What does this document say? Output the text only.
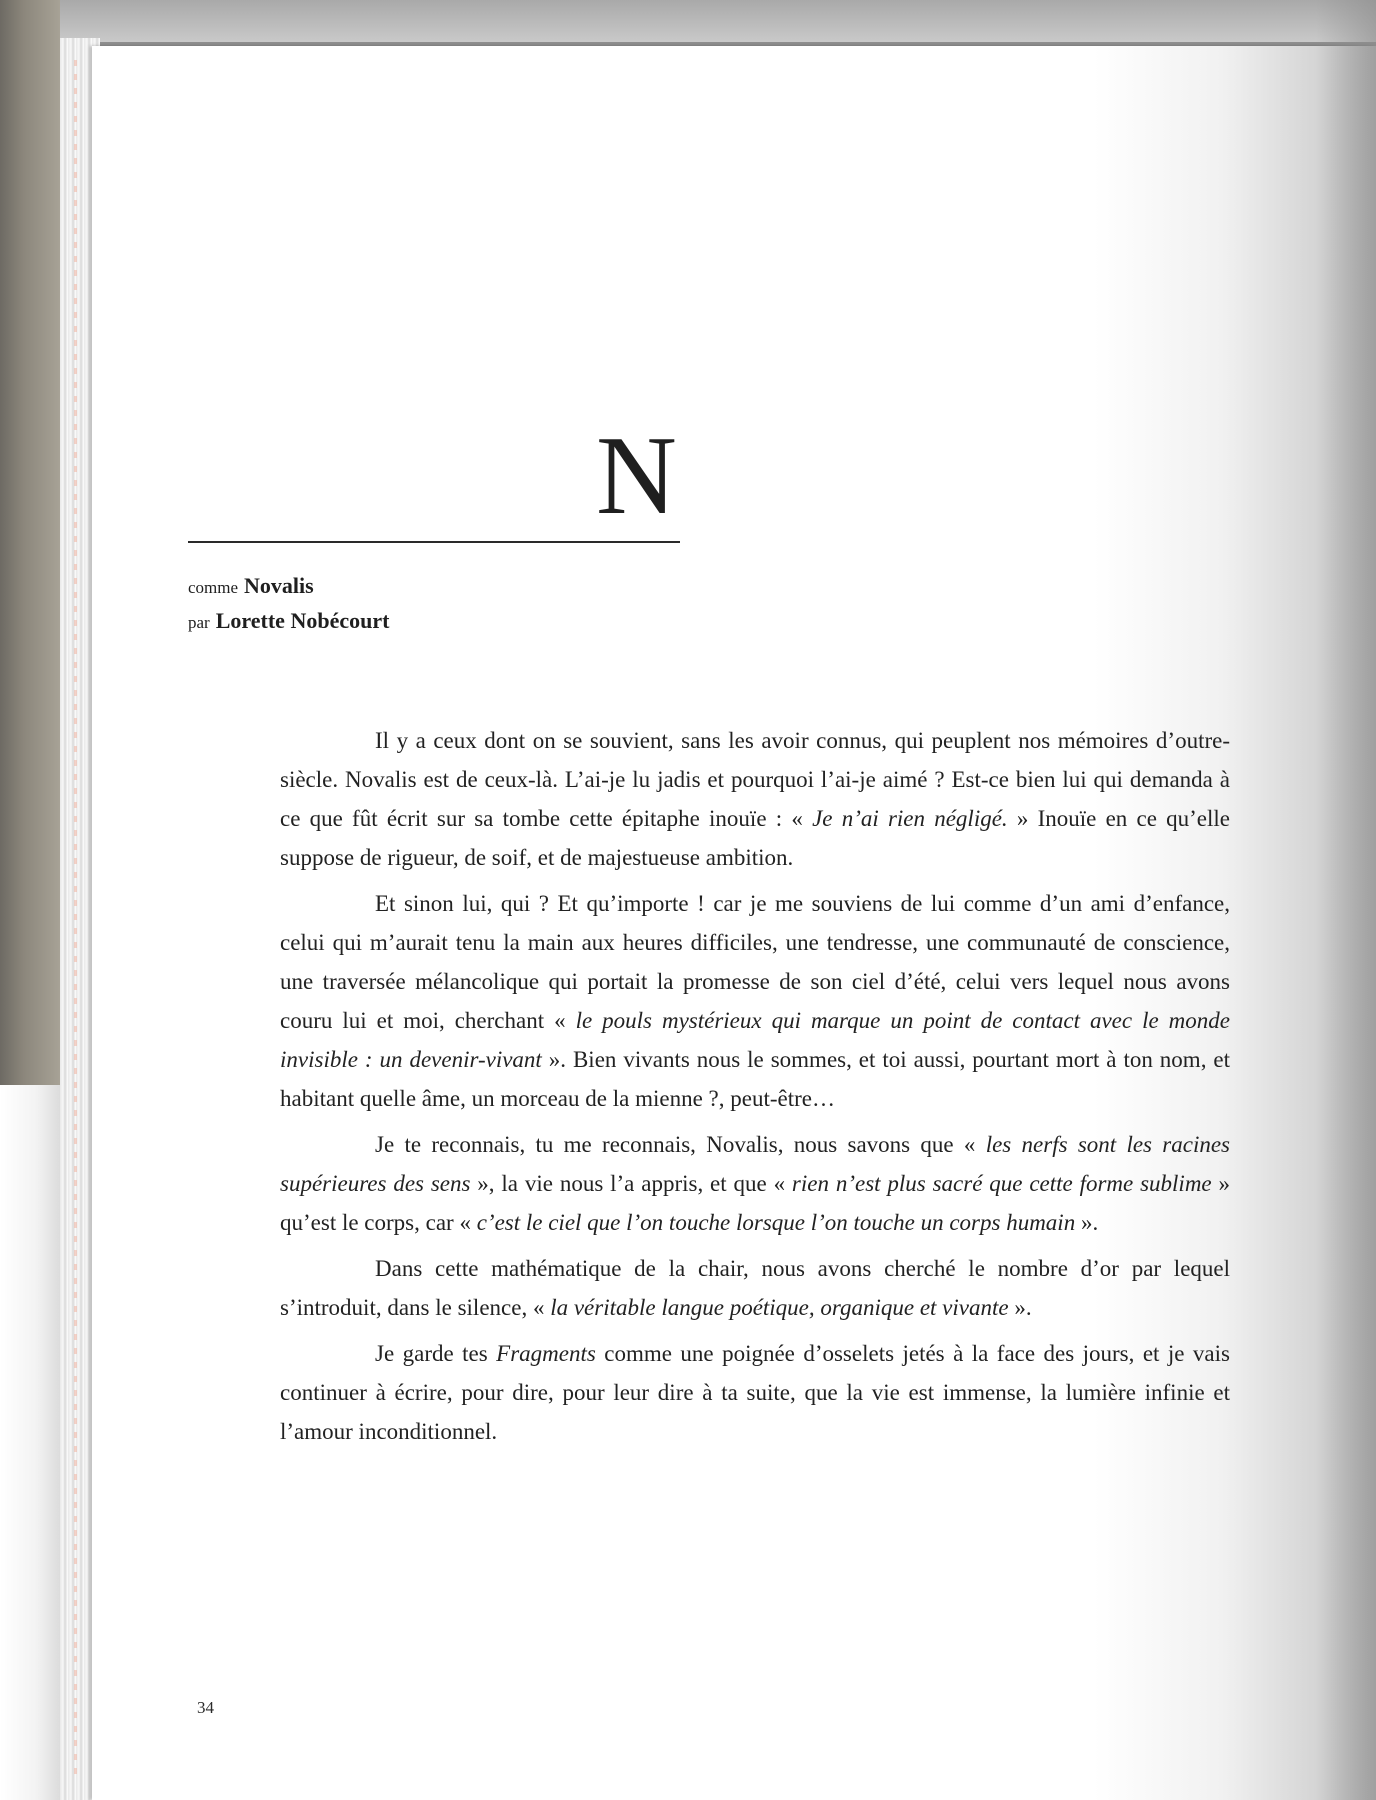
N
comme Novalis
par Lorette Nobécourt

Il y a ceux dont on se souvient, sans les avoir connus, qui peuplent nos mémoires d’outre-siècle. Novalis est de ceux-là. L’ai-je lu jadis et pourquoi l’ai-je aimé ? Est-ce bien lui qui demanda à ce que fût écrit sur sa tombe cette épitaphe inouïe : « Je n’ai rien négligé. » Inouïe en ce qu’elle suppose de rigueur, de soif, et de majestueuse ambition.

Et sinon lui, qui ? Et qu’importe ! car je me souviens de lui comme d’un ami d’enfance, celui qui m’aurait tenu la main aux heures difficiles, une tendresse, une communauté de conscience, une traversée mélancolique qui portait la promesse de son ciel d’été, celui vers lequel nous avons couru lui et moi, cherchant « le pouls mystérieux qui marque un point de contact avec le monde invisible : un devenir-vivant ». Bien vivants nous le sommes, et toi aussi, pourtant mort à ton nom, et habitant quelle âme, un morceau de la mienne ?, peut-être…

Je te reconnais, tu me reconnais, Novalis, nous savons que « les nerfs sont les racines supérieures des sens », la vie nous l’a appris, et que « rien n’est plus sacré que cette forme sublime » qu’est le corps, car « c’est le ciel que l’on touche lorsque l’on touche un corps humain ».

Dans cette mathématique de la chair, nous avons cherché le nombre d’or par lequel s’introduit, dans le silence, « la véritable langue poétique, organique et vivante ».

Je garde tes Fragments comme une poignée d’osselets jetés à la face des jours, et je vais continuer à écrire, pour dire, pour leur dire à ta suite, que la vie est immense, la lumière infinie et l’amour inconditionnel.

34
